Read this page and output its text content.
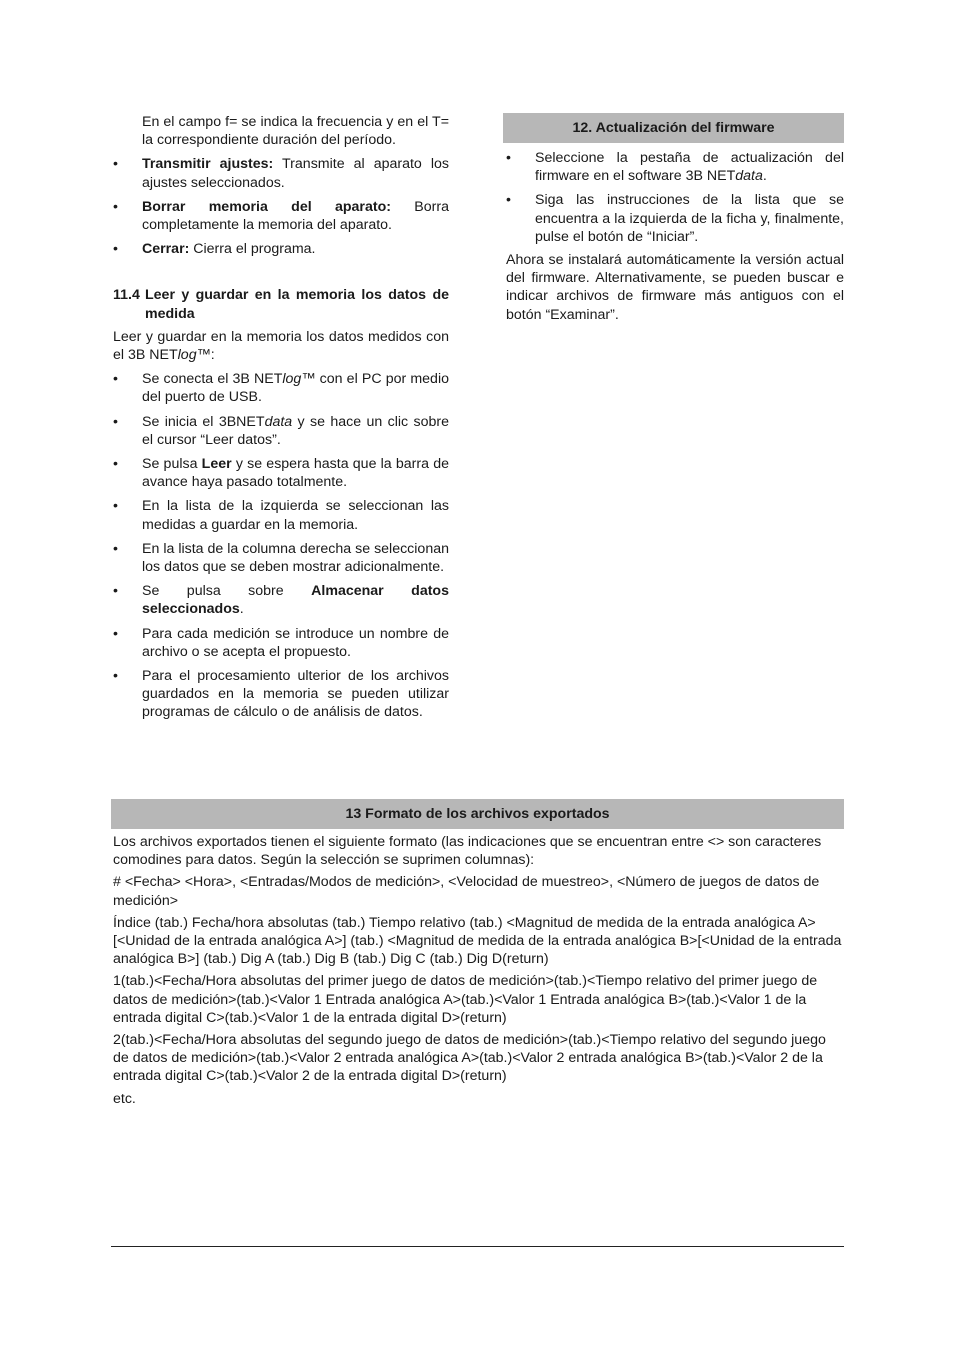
En el campo f= se indica la frecuencia y en el T= la correspondiente duración del período.

• Transmitir ajustes: Transmite al aparato los ajustes seleccionados.
• Borrar memoria del aparato: Borra completamente la memoria del aparato.
• Cerrar: Cierra el programa.
11.4 Leer y guardar en la memoria los datos de medida

Leer y guardar en la memoria los datos medidos con el 3B NETlog™:

• Se conecta el 3B NETlog™ con el PC por medio del puerto de USB.
• Se inicia el 3BNETdata y se hace un clic sobre el cursor “Leer datos”.
• Se pulsa Leer y se espera hasta que la barra de avance haya pasado totalmente.
• En la lista de la izquierda se seleccionan las medidas a guardar en la memoria.
• En la lista de la columna derecha se seleccionan los datos que se deben mostrar adicionalmente.
• Se pulsa sobre Almacenar datos seleccionados.
• Para cada medición se introduce un nombre de archivo o se acepta el propuesto.
• Para el procesamiento ulterior de los archivos guardados en la memoria se pueden utilizar programas de cálculo o de análisis de datos.
12. Actualización del firmware
• Seleccione la pestaña de actualización del firmware en el software 3B NETdata.
• Siga las instrucciones de la lista que se encuentra a la izquierda de la ficha y, finalmente, pulse el botón de “Iniciar”.

Ahora se instalará automáticamente la versión actual del firmware. Alternativamente, se pueden buscar e indicar archivos de firmware más antiguos con el botón “Examinar”.

13 Formato de los archivos exportados

Los archivos exportados tienen el siguiente formato (las indicaciones que se encuentran entre <> son caracteres comodines para datos. Según la selección se suprimen columnas):

# <Fecha> <Hora>, <Entradas/Modos de medición>, <Velocidad de muestreo>, <Número de juegos de datos de medición>

Índice (tab.) Fecha/hora absolutas (tab.) Tiempo relativo (tab.) <Magnitud de medida de la entrada analógica A>[<Unidad de la entrada analógica A>] (tab.) <Magnitud de medida de la entrada analógica B>[<Unidad de la entrada analógica B>] (tab.) Dig A (tab.) Dig B (tab.) Dig C (tab.) Dig D(return)

1(tab.)<Fecha/Hora absolutas del primer juego de datos de medición>(tab.)<Tiempo relativo del primer juego de datos de medición>(tab.)<Valor 1 Entrada analógica A>(tab.)<Valor 1 Entrada analógica B>(tab.)<Valor 1 de la entrada digital C>(tab.)<Valor 1 de la entrada digital D>(return)

2(tab.)<Fecha/Hora absolutas del segundo juego de datos de medición>(tab.)<Tiempo relativo del segundo juego de datos de medición>(tab.)<Valor 2 entrada analógica A>(tab.)<Valor 2 entrada analógica B>(tab.)<Valor 2 de la entrada digital C>(tab.)<Valor 2 de la entrada digital D>(return)

etc.
